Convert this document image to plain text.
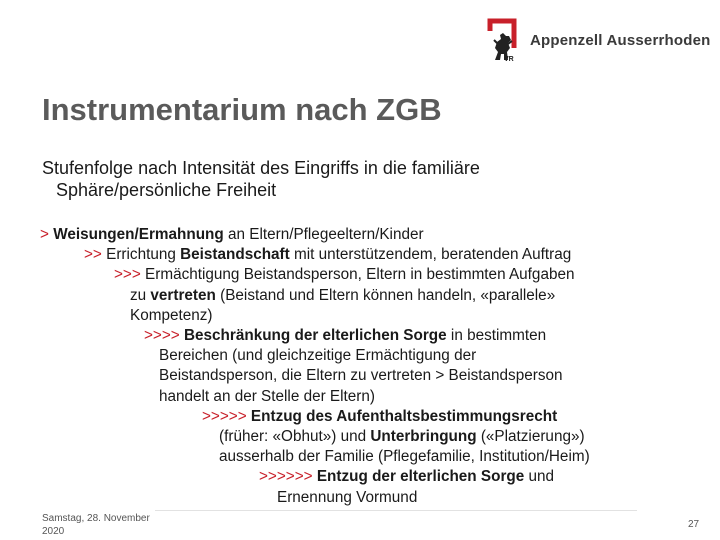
VR
Appenzell Ausserrhoden
Instrumentarium nach ZGB
Stufenfolge nach Intensität des Eingriffs in die familiäre
Sphäre/persönliche Freiheit
> Weisungen/Ermahnung an Eltern/Pflegeeltern/Kinder
>> Errichtung Beistandschaft mit unterstützendem, beratenden Auftrag
>>> Ermächtigung Beistandsperson, Eltern in bestimmten Aufgaben
zu vertreten (Beistand und Eltern können handeln, «parallele»
Kompetenz)
>>>> Beschränkung der elterlichen Sorge in bestimmten
Bereichen (und gleichzeitige Ermächtigung der
Beistandsperson, die Eltern zu vertreten > Beistandsperson
handelt an der Stelle der Eltern)
>>>>> Entzug des Aufenthaltsbestimmungsrecht
(früher: «Obhut») und Unterbringung («Platzierung»)
ausserhalb der Familie (Pflegefamilie, Institution/Heim)
>>>>>> Entzug der elterlichen Sorge und
Ernennung Vormund
Samstag, 28. November
2020
27
